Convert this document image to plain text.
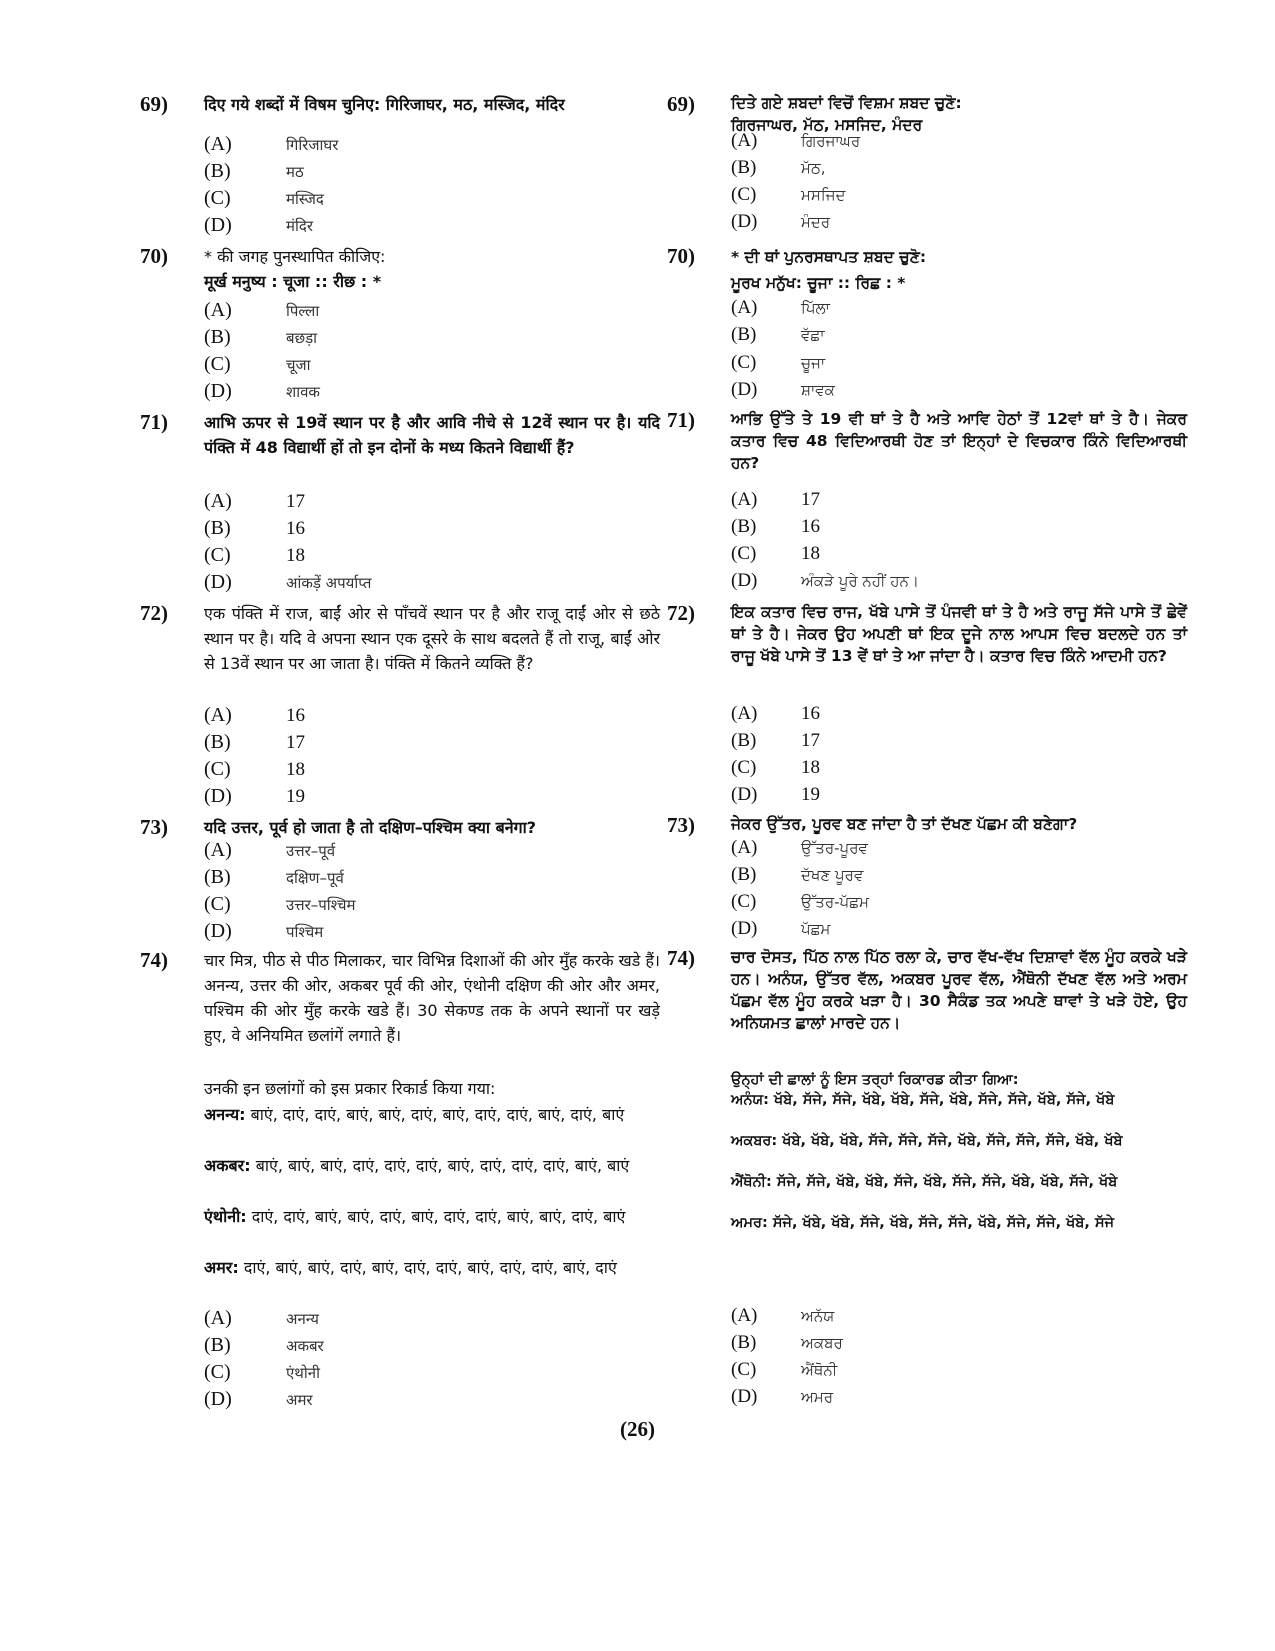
69) दिए गये शब्दों में विषम चुनिए: गिरिजाघर, मठ, मस्जिद, मंदिर
(A)	गिरिजाघर
(B)	मठ
(C)	मस्जिद
(D)	मंदिर
70) * की जगह पुनस्थापित कीजिए:
मूर्ख मनुष्य : चूजा :: रीछ : *
(A)	पिल्ला
(B)	बछड़ा
(C)	चूजा
(D)	शावक
71) आभि ऊपर से 19वें स्थान पर है और आवि नीचे से 12वें स्थान पर है। यदि पंक्ति में 48 विद्यार्थी हों तो इन दोनों के मध्य कितने विद्यार्थी हैं?
(A)	17
(B)	16
(C)	18
(D)	आंकड़ें अपर्याप्त
72) एक पंक्ति में राज, बाईं ओर से पाँचवें स्थान पर है और राजू दाईं ओर से छठे स्थान पर है। यदि वे अपना स्थान एक दूसरे के साथ बदलते हैं तो राजू, बाईं ओर से 13वें स्थान पर आ जाता है। पंक्ति में कितने व्यक्ति हैं?
(A)	16
(B)	17
(C)	18
(D)	19
73) यदि उत्तर, पूर्व हो जाता है तो दक्षिण–पश्चिम क्या बनेगा?
(A)	उत्तर–पूर्व
(B)	दक्षिण–पूर्व
(C)	उत्तर–पश्चिम
(D)	पश्चिम
74) चार मित्र, पीठ से पीठ मिलाकर, चार विभिन्न दिशाओं की ओर मुँह करके खडे हैं। अनन्य, उत्तर की ओर, अकबर पूर्व की ओर, एंथोनी दक्षिण की ओर और अमर, पश्चिम की ओर मुँह करके खडे हैं। 30 सेकण्ड तक के अपने स्थानों पर खड़े हुए, वे अनियमित छलांगें लगाते हैं।
उनकी इन छलांगों को इस प्रकार रिकार्ड किया गया:
अनन्य: बाएं, दाएं, दाएं, बाएं, बाएं, दाएं, बाएं, दाएं, दाएं, बाएं, दाएं, बाएं
अकबर: बाएं, बाएं, बाएं, दाएं, दाएं, दाएं, बाएं, दाएं, दाएं, दाएं, बाएं, बाएं
एंथोनी: दाएं, दाएं, बाएं, बाएं, दाएं, बाएं, दाएं, दाएं, बाएं, बाएं, दाएं, बाएं
अमर: दाएं, बाएं, बाएं, दाएं, बाएं, दाएं, दाएं, बाएं, दाएं, दाएं, बाएं, दाएं
(A)	अनन्य
(B)	अकबर
(C)	एंथोनी
(D)	अमर
69) ਦਿਤੇ ਗਏ ਸ਼ਬਦਾਂ ਵਿਚੋਂ ਵਿਸ਼ਮ ਸ਼ਬਦ ਚੁਣੋ:
ਗਿਰਜਾਘਰ, ਮੱਠ, ਮਸਜਿਦ, ਮੰਦਰ
(A)	ਗਿਰਜਾਘਰ
(B)	ਮੱਠ,
(C)	ਮਸਜਿਦ
(D)	ਮੰਦਰ
70) * ਦੀ ਥਾਂ ਪੁਨਰਸਥਾਪਤ ਸ਼ਬਦ ਚੁਣੋ:
ਮੂਰਖ ਮਨੁੱਖ: ਚੂਜਾ :: ਰਿਛ : *
(A)	ਪਿੱਲਾ
(B)	ਵੱਛਾ
(C)	ਚੂਜਾ
(D)	ਸ਼ਾਵਕ
71) ਆਭਿ ਉੱਤੇ ਤੇ 19 ਵੀ ਥਾਂ ਤੇ ਹੈ ਅਤੇ ਆਵਿ ਹੇਠਾਂ ਤੋਂ 12ਵਾਂ ਥਾਂ ਤੇ ਹੈ। ਜੇਕਰ ਕਤਾਰ ਵਿਚ 48 ਵਿਦਿਆਰਥੀ ਹੋਣ ਤਾਂ ਇਨ੍ਹਾਂ ਦੇ ਵਿਚਕਾਰ ਕਿੰਨੇ ਵਿਦਿਆਰਥੀ ਹਨ?
(A) 17
(B) 16
(C) 18
(D)	ਅੰਕੜੇ ਪੂਰੇ ਨਹੀਂ ਹਨ।
72) ਇਕ ਕਤਾਰ ਵਿਚ ਰਾਜ, ਖੱਬੇ ਪਾਸੇ ਤੋਂ ਪੰਜਵੀ ਥਾਂ ਤੇ ਹੈ ਅਤੇ ਰਾਜੂ ਸੱਜੇ ਪਾਸੇ ਤੋਂ ਛੇਵੇਂ ਥਾਂ ਤੇ ਹੈ। ਜੇਕਰ ਉਹ ਅਪਣੀ ਥਾਂ ਇਕ ਦੂਜੇ ਨਾਲ ਆਪਸ ਵਿਚ ਬਦਲਦੇ ਹਨ ਤਾਂ ਰਾਜੂ ਖੱਬੇ ਪਾਸੇ ਤੋਂ 13 ਵੇਂ ਥਾਂ ਤੇ ਆ ਜਾਂਦਾ ਹੈ। ਕਤਾਰ ਵਿਚ ਕਿੰਨੇ ਆਦਮੀ ਹਨ?
(A) 16
(B) 17
(C) 18
(D) 19
73) ਜੇਕਰ ਉੱਤਰ, ਪੂਰਵ ਬਣ ਜਾਂਦਾ ਹੈ ਤਾਂ ਦੱਖਣ ਪੱਛਮ ਕੀ ਬਣੇਗਾ?
(A)	ਉੱਤਰ-ਪੂਰਵ
(B)	ਦੱਖਣ ਪੂਰਵ
(C)	ਉੱਤਰ-ਪੱਛਮ
(D)	ਪੱਛਮ
74) ਚਾਰ ਦੋਸਤ, ਪਿੱਠ ਨਾਲ ਪਿੱਠ ਰਲਾ ਕੇ, ਚਾਰ ਵੱਖ-ਵੱਖ ਦਿਸ਼ਾਵਾਂ ਵੱਲ ਮੂੰਹ ਕਰਕੇ ਖੜੇ ਹਨ। ਅਨੰਯ, ਉੱਤਰ ਵੱਲ, ਅਕਬਰ ਪੂਰਵ ਵੱਲ, ਐਂਥੋਨੀ ਦੱਖਣ ਵੱਲ ਅਤੇ ਅਰਮ ਪੱਛਮ ਵੱਲ ਮੂੰਹ ਕਰਕੇ ਖੜਾ ਹੈ। 30 ਸੈਕੰਡ ਤਕ ਅਪਣੇ ਥਾਵਾਂ ਤੇ ਖੜੇ ਹੋਏ, ਉਹ ਅਨਿਯਮਤ ਛਾਲਾਂ ਮਾਰਦੇ ਹਨ।
ਉਨ੍ਹਾਂ ਦੀ ਛਾਲਾਂ ਨੂੰ ਇਸ ਤਰ੍ਹਾਂ ਰਿਕਾਰਡ ਕੀਤਾ ਗਿਆ:
ਅਨੰਯ: ਖੱਬੇ, ਸੱਜੇ, ਸੱਜੇ, ਖੱਬੇ, ਖੱਬੇ, ਸੱਜੇ, ਖੱਬੇ, ਸੱਜੇ, ਸੱਜੇ, ਖੱਬੇ, ਸੱਜੇ, ਖੱਬੇ
ਅਕਬਰ: ਖੱਬੇ, ਖੱਬੇ, ਖੱਬੇ, ਸੱਜੇ, ਸੱਜੇ, ਸੱਜੇ, ਖੱਬੇ, ਸੱਜੇ, ਸੱਜੇ, ਸੱਜੇ, ਖੱਬੇ, ਖੱਬੇ
ਐਂਥੋਨੀ: ਸੱਜੇ, ਸੱਜੇ, ਖੱਬੇ, ਖੱਬੇ, ਸੱਜੇ, ਖੱਬੇ, ਸੱਜੇ, ਸੱਜੇ, ਖੱਬੇ, ਖੱਬੇ, ਸੱਜੇ, ਖੱਬੇ
ਅਮਰ: ਸੱਜੇ, ਖੱਬੇ, ਖੱਬੇ, ਸੱਜੇ, ਖੱਬੇ, ਸੱਜੇ, ਸੱਜੇ, ਖੱਬੇ, ਸੱਜੇ, ਸੱਜੇ, ਖੱਬੇ, ਸੱਜੇ
(A)	ਅਨੱਯ
(B)	ਅਕਬਰ
(C)	ਐਂਥੋਨੀ
(D)	ਅਮਰ
(26)
